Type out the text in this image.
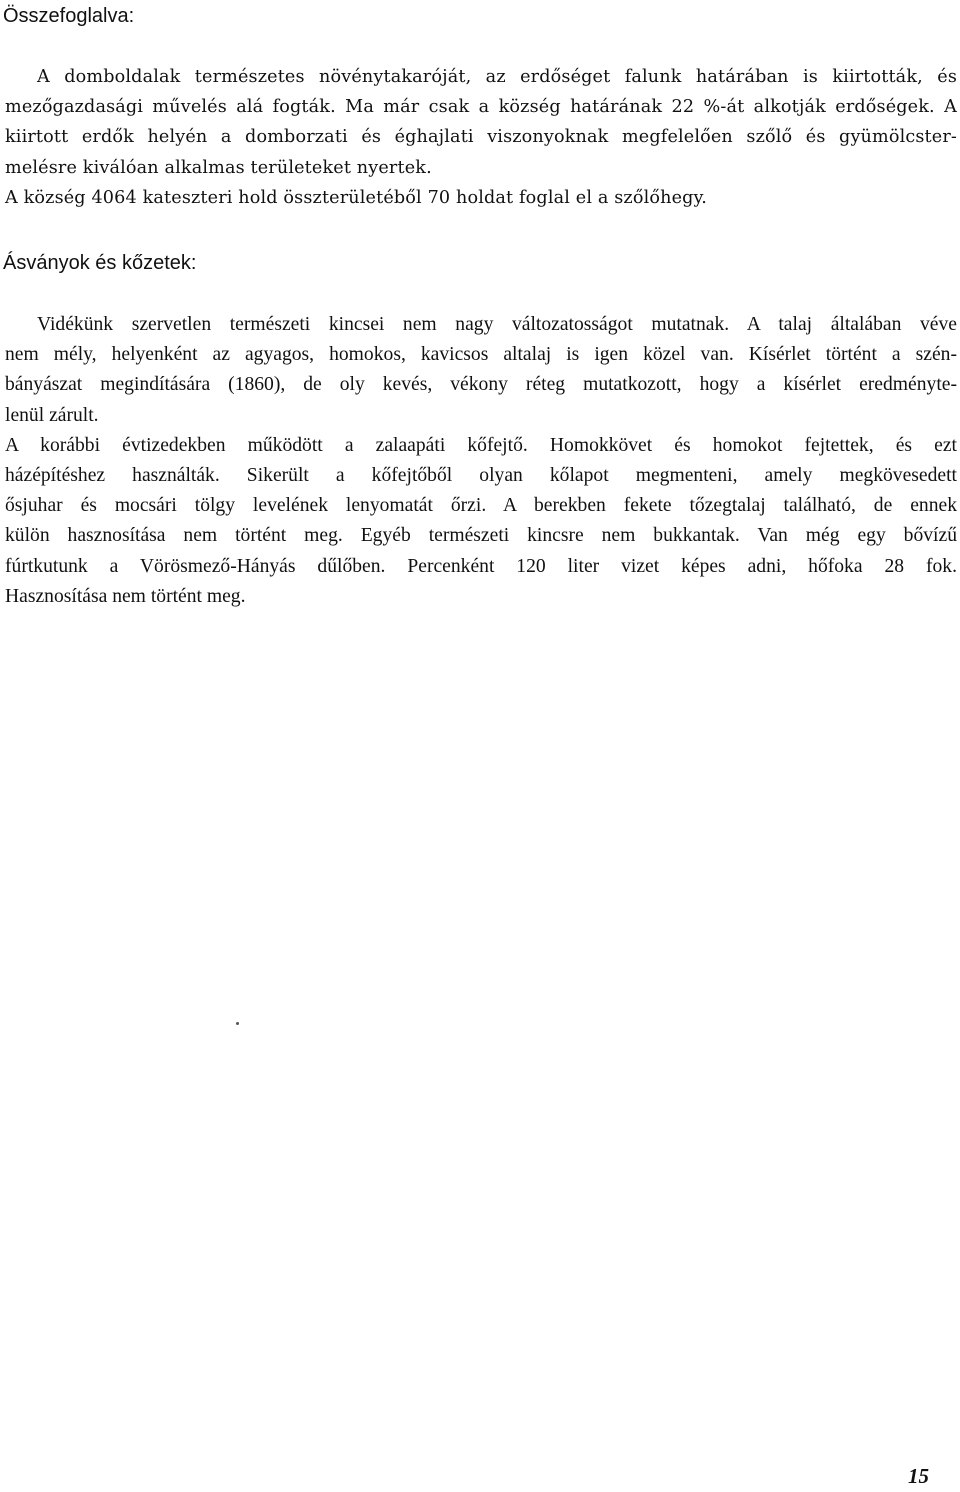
Összefoglalva:
A domboldalak természetes növénytakaróját, az erdőséget falunk határában is kiirtották, és
mezőgazdasági művelés alá fogták. Ma már csak a község határának 22 %-át alkotják erdőségek. A
kiirtott erdők helyén a domborzati és éghajlati viszonyoknak megfelelően szőlő és gyümölcster-
melésre kiválóan alkalmas területeket nyertek.
A község 4064 kateszteri hold összterületéből 70 holdat foglal el a szőlőhegy.
Ásványok és kőzetek:
Vidékünk szervetlen természeti kincsei nem nagy változatosságot mutatnak. A talaj általában véve
nem mély, helyenként az agyagos, homokos, kavicsos altalaj is igen közel van. Kísérlet történt a szén-
bányászat megindítására (1860), de oly kevés, vékony réteg mutatkozott, hogy a kísérlet eredményte-
lenül zárult.
A korábbi évtizedekben működött a zalaapáti kőfejtő. Homokkövet és homokot fejtettek, és ezt
házépítéshez használták. Sikerült a kőfejtőből olyan kőlapot megmenteni, amely megkövesedett
ősjuhar és mocsári tölgy levelének lenyomatát őrzi. A berekben fekete tőzegtalaj található, de ennek
külön hasznosítása nem történt meg. Egyéb természeti kincsre nem bukkantak. Van még egy bővízű
fúrtkutunk a Vörösmező-Hányás dűlőben. Percenként 120 liter vizet képes adni, hőfoka 28 fok.
Hasznosítása nem történt meg.
15
